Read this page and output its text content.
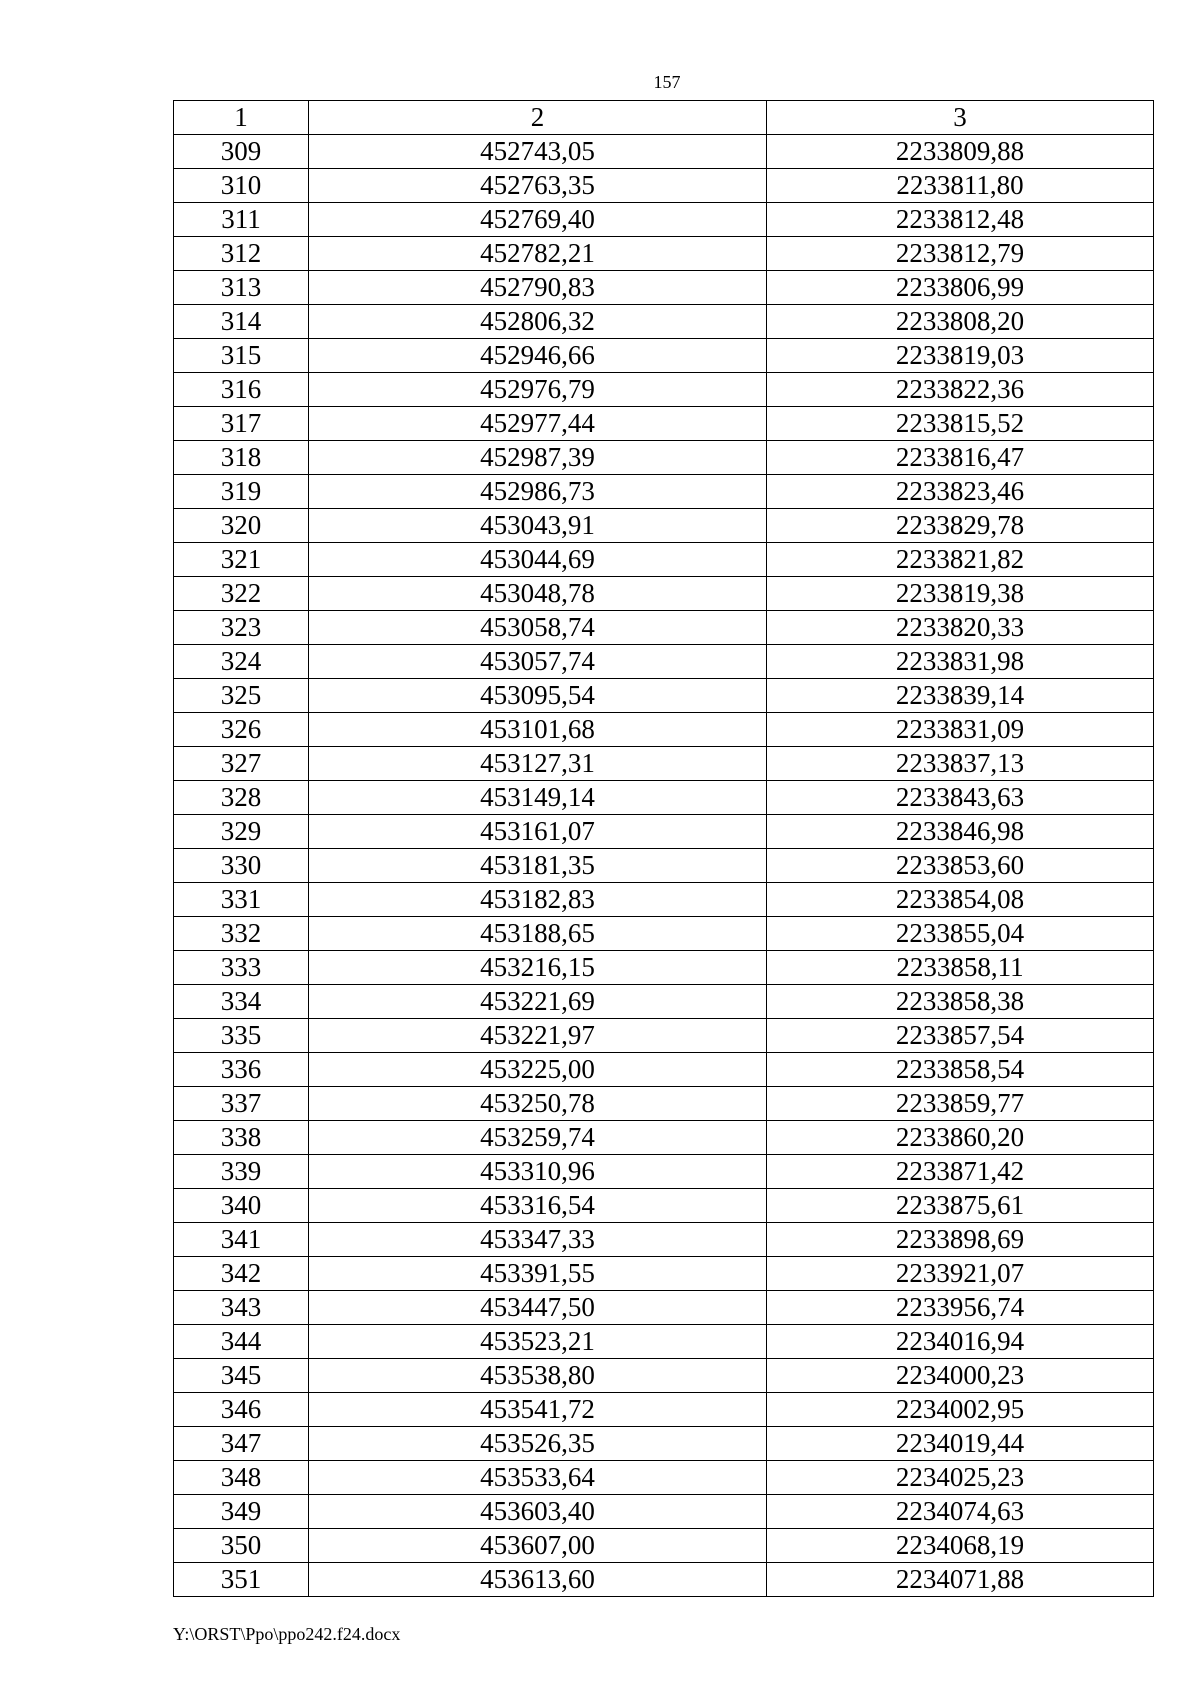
157
1	2	3
309	452743,05	2233809,88
310	452763,35	2233811,80
311	452769,40	2233812,48
312	452782,21	2233812,79
313	452790,83	2233806,99
314	452806,32	2233808,20
315	452946,66	2233819,03
316	452976,79	2233822,36
317	452977,44	2233815,52
318	452987,39	2233816,47
319	452986,73	2233823,46
320	453043,91	2233829,78
321	453044,69	2233821,82
322	453048,78	2233819,38
323	453058,74	2233820,33
324	453057,74	2233831,98
325	453095,54	2233839,14
326	453101,68	2233831,09
327	453127,31	2233837,13
328	453149,14	2233843,63
329	453161,07	2233846,98
330	453181,35	2233853,60
331	453182,83	2233854,08
332	453188,65	2233855,04
333	453216,15	2233858,11
334	453221,69	2233858,38
335	453221,97	2233857,54
336	453225,00	2233858,54
337	453250,78	2233859,77
338	453259,74	2233860,20
339	453310,96	2233871,42
340	453316,54	2233875,61
341	453347,33	2233898,69
342	453391,55	2233921,07
343	453447,50	2233956,74
344	453523,21	2234016,94
345	453538,80	2234000,23
346	453541,72	2234002,95
347	453526,35	2234019,44
348	453533,64	2234025,23
349	453603,40	2234074,63
350	453607,00	2234068,19
351	453613,60	2234071,88
Y:\ORST\Ppo\ppo242.f24.docx
